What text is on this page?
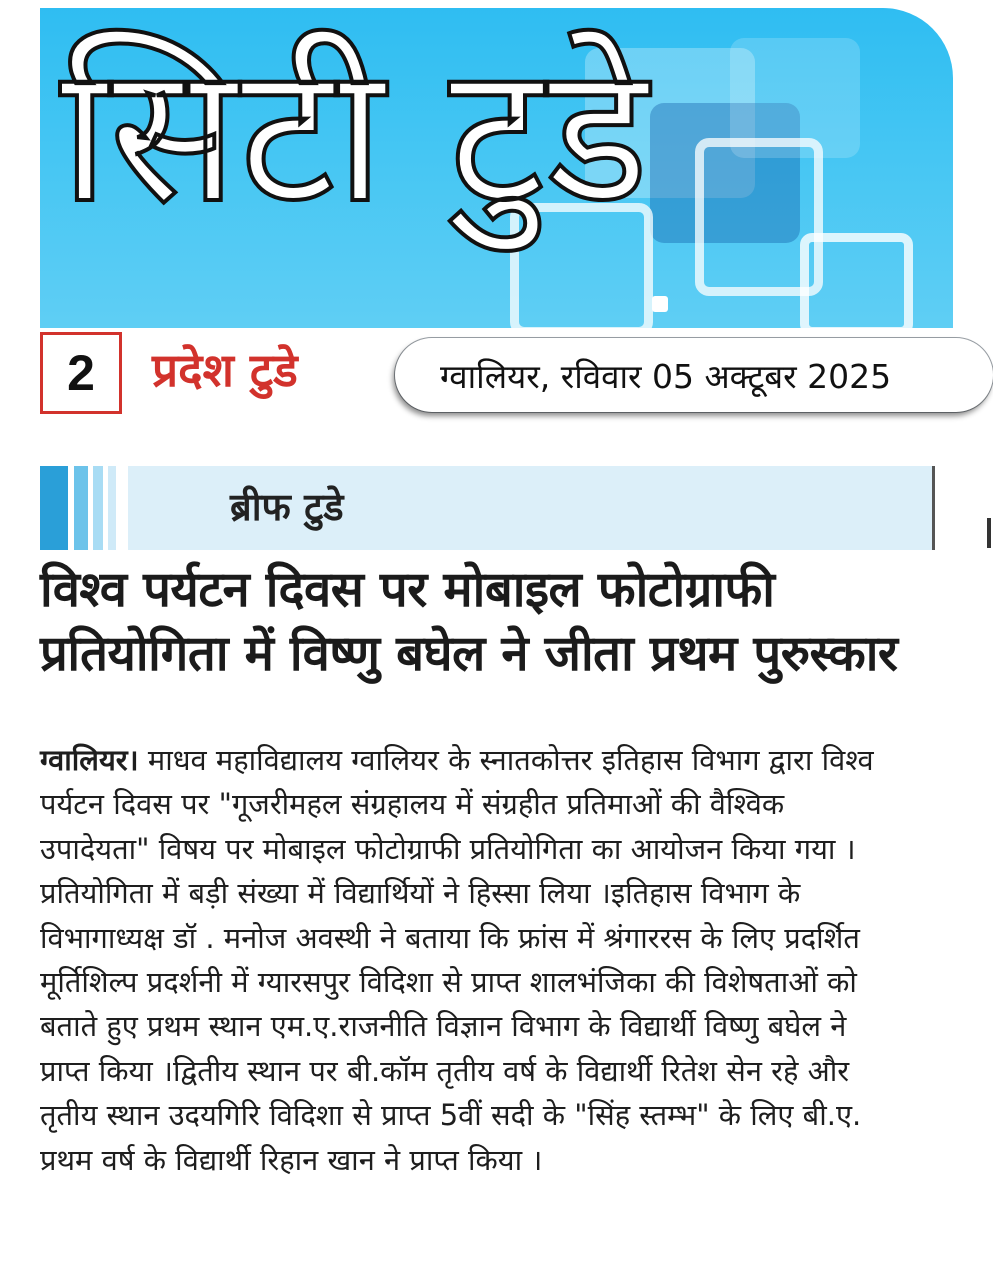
सिटी टुडे
2	प्रदेश टुडे	ग्वालियर, रविवार 05 अक्टूबर 2025
ब्रीफ टुडे
विश्व पर्यटन दिवस पर मोबाइल फोटोग्राफी
प्रतियोगिता में विष्णु बघेल ने जीता प्रथम पुरुस्कार
ग्वालियर। माधव महाविद्यालय ग्वालियर के स्नातकोत्तर इतिहास विभाग द्वारा विश्व
पर्यटन दिवस पर "गूजरीमहल संग्रहालय में संग्रहीत प्रतिमाओं की वैश्विक
उपादेयता" विषय पर मोबाइल फोटोग्राफी प्रतियोगिता का आयोजन किया गया ।
प्रतियोगिता में बड़ी संख्या में विद्यार्थियों ने हिस्सा लिया ।इतिहास विभाग के
विभागाध्यक्ष डॉ . मनोज अवस्थी ने बताया कि फ्रांस में श्रंगाररस के लिए प्रदर्शित
मूर्तिशिल्प प्रदर्शनी में ग्यारसपुर विदिशा से प्राप्त शालभंजिका की विशेषताओं को
बताते हुए प्रथम स्थान एम.ए.राजनीति विज्ञान विभाग के विद्यार्थी विष्णु बघेल ने
प्राप्त किया ।द्वितीय स्थान पर बी.कॉम तृतीय वर्ष के विद्यार्थी रितेश सेन रहे और
तृतीय स्थान उदयगिरि विदिशा से प्राप्त 5वीं सदी के "सिंह स्तम्भ" के लिए बी.ए.
प्रथम वर्ष के विद्यार्थी रिहान खान ने प्राप्त किया ।
